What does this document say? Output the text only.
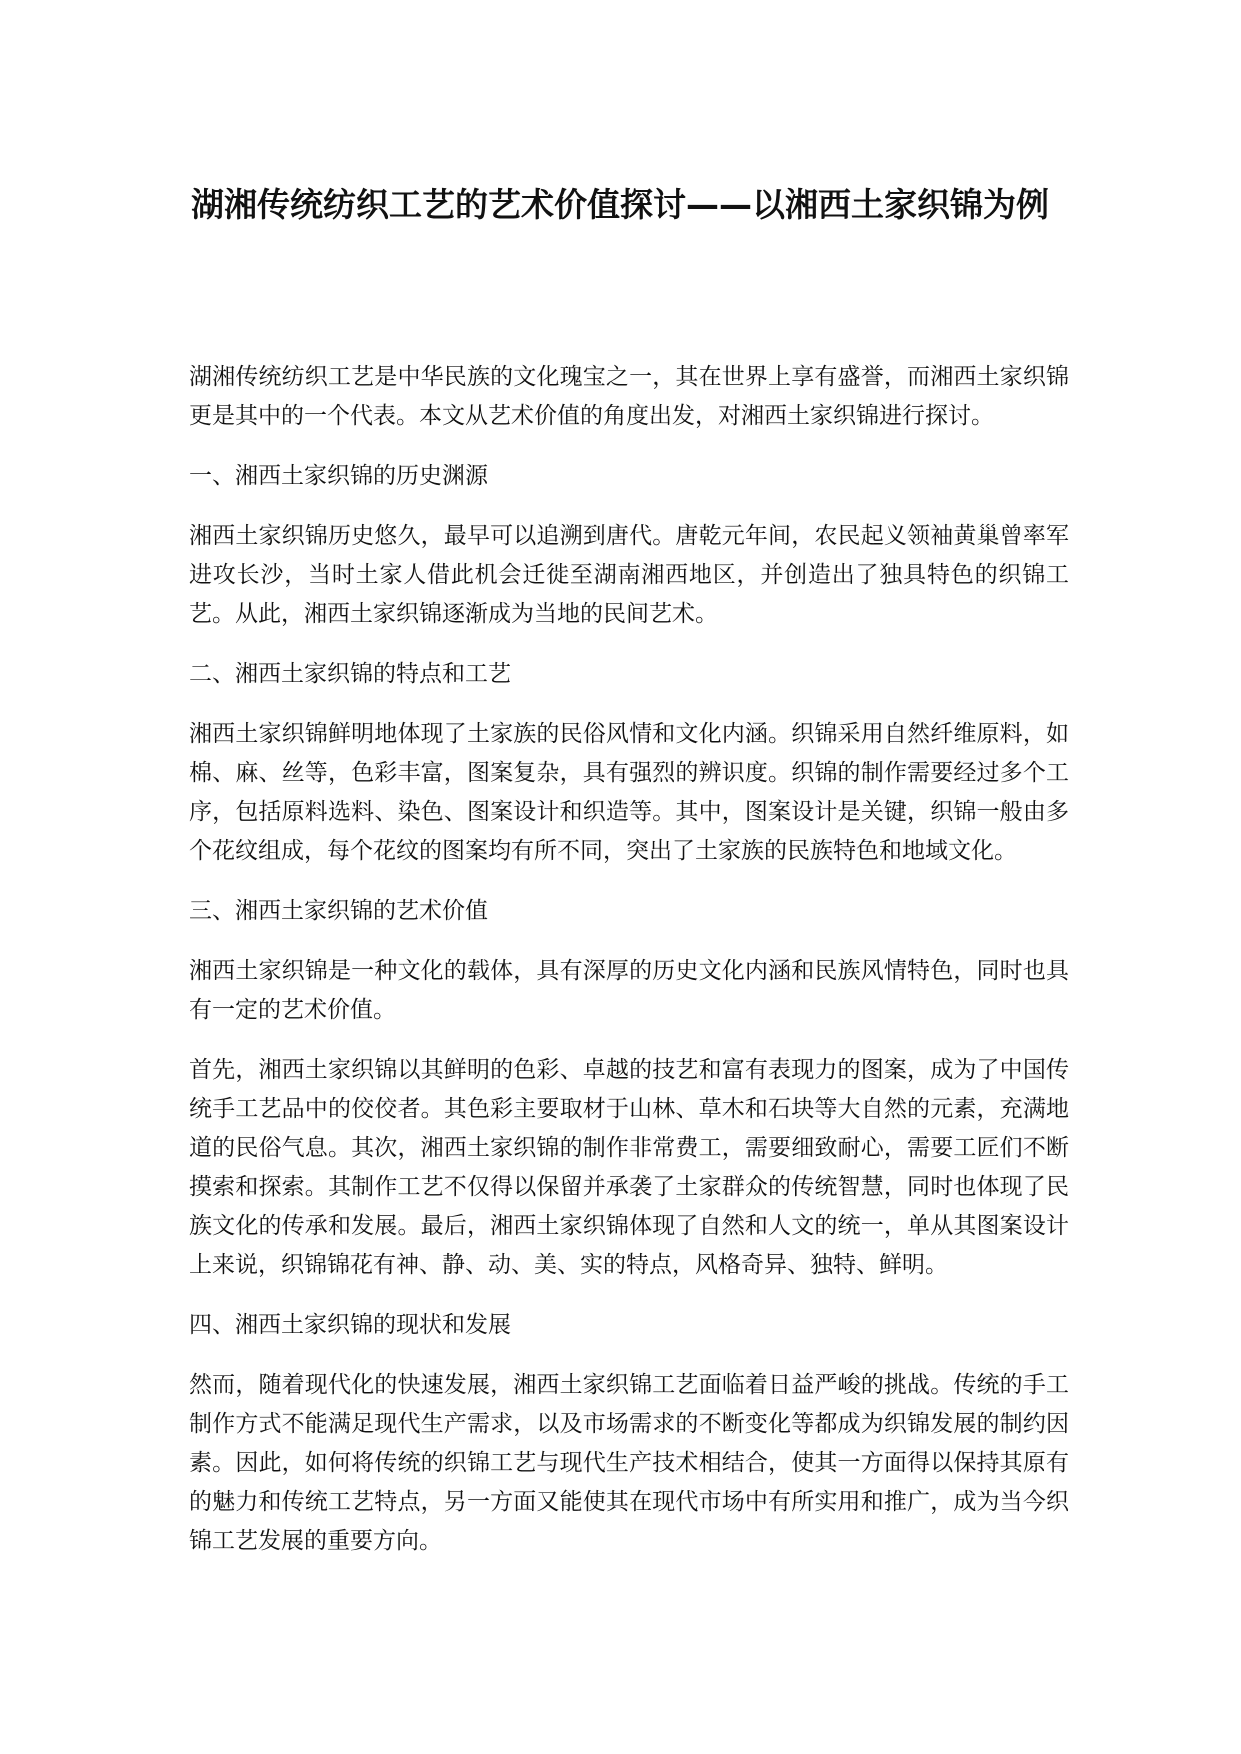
湖湘传统纺织工艺的艺术价值探讨——以湘西土家织锦为例

湖湘传统纺织工艺是中华民族的文化瑰宝之一，其在世界上享有盛誉，而湘西土家织锦更是其中的一个代表。本文从艺术价值的角度出发，对湘西土家织锦进行探讨。

一、湘西土家织锦的历史渊源

湘西土家织锦历史悠久，最早可以追溯到唐代。唐乾元年间，农民起义领袖黄巢曾率军进攻长沙，当时土家人借此机会迁徙至湖南湘西地区，并创造出了独具特色的织锦工艺。从此，湘西土家织锦逐渐成为当地的民间艺术。

二、湘西土家织锦的特点和工艺

湘西土家织锦鲜明地体现了土家族的民俗风情和文化内涵。织锦采用自然纤维原料，如棉、麻、丝等，色彩丰富，图案复杂，具有强烈的辨识度。织锦的制作需要经过多个工序，包括原料选料、染色、图案设计和织造等。其中，图案设计是关键，织锦一般由多个花纹组成，每个花纹的图案均有所不同，突出了土家族的民族特色和地域文化。

三、湘西土家织锦的艺术价值

湘西土家织锦是一种文化的载体，具有深厚的历史文化内涵和民族风情特色，同时也具有一定的艺术价值。

首先，湘西土家织锦以其鲜明的色彩、卓越的技艺和富有表现力的图案，成为了中国传统手工艺品中的佼佼者。其色彩主要取材于山林、草木和石块等大自然的元素，充满地道的民俗气息。其次，湘西土家织锦的制作非常费工，需要细致耐心，需要工匠们不断摸索和探索。其制作工艺不仅得以保留并承袭了土家群众的传统智慧，同时也体现了民族文化的传承和发展。最后，湘西土家织锦体现了自然和人文的统一，单从其图案设计上来说，织锦锦花有神、静、动、美、实的特点，风格奇异、独特、鲜明。

四、湘西土家织锦的现状和发展

然而，随着现代化的快速发展，湘西土家织锦工艺面临着日益严峻的挑战。传统的手工制作方式不能满足现代生产需求，以及市场需求的不断变化等都成为织锦发展的制约因素。因此，如何将传统的织锦工艺与现代生产技术相结合，使其一方面得以保持其原有的魅力和传统工艺特点，另一方面又能使其在现代市场中有所实用和推广，成为当今织锦工艺发展的重要方向。
